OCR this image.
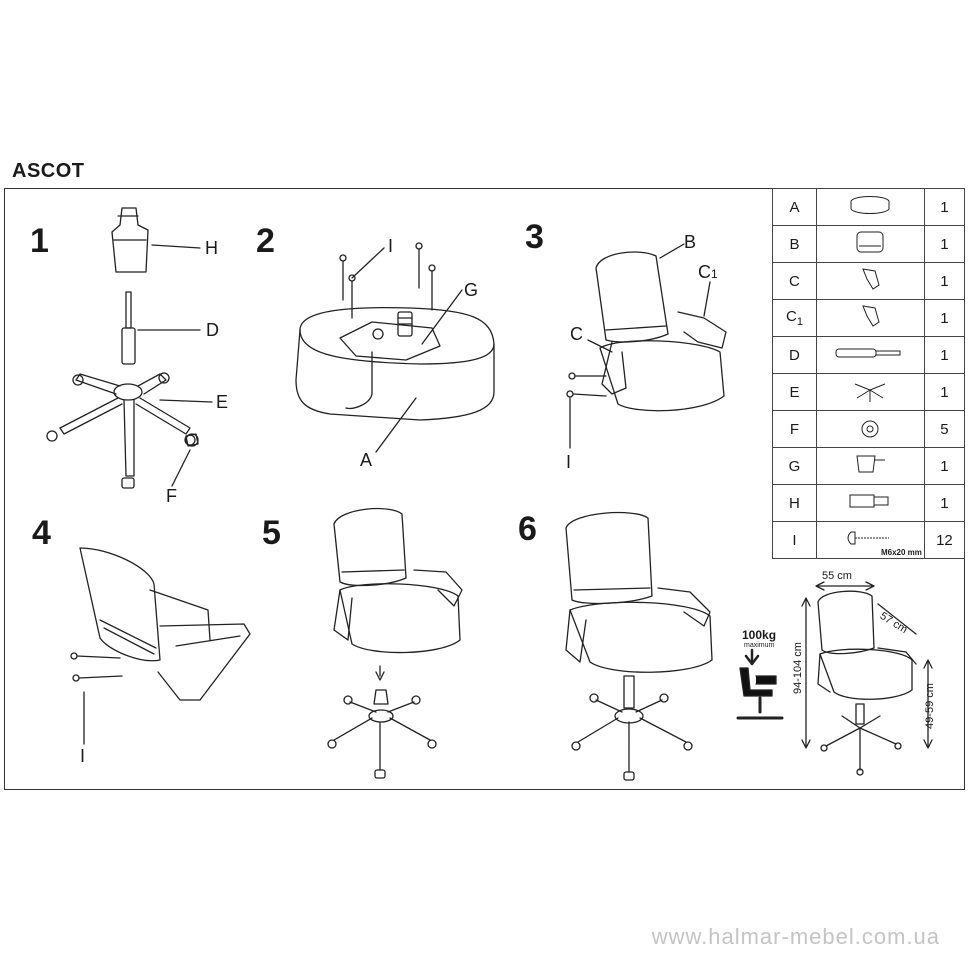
ASCOT
1	2	3
4	5	6
H
D
E
F
I
G
A
B
C1
C
I
I
A		1
B		1
C		1
$C_1$		1
D		1
E		1
F		5
G		1
H		1
I	M6x20 mm	12
100kg
maximum
55 cm
57 cm
94-104 cm
49-59 cm
www.halmar-mebel.com.ua
